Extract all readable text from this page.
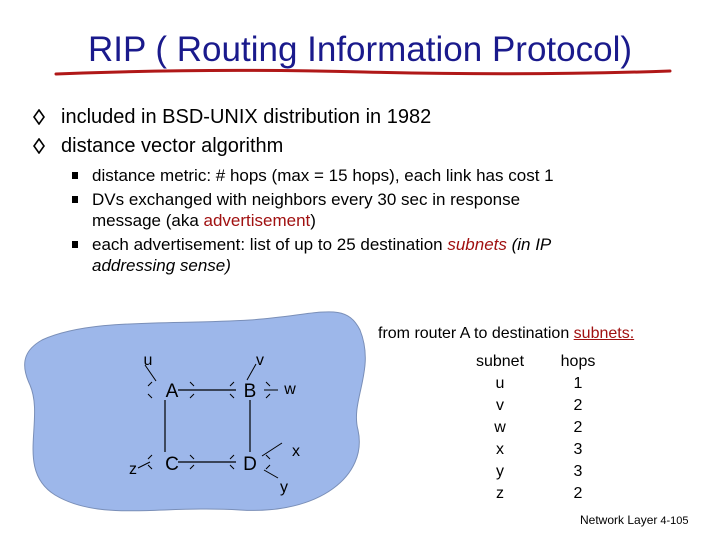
RIP ( Routing Information Protocol)
included in BSD-UNIX distribution in 1982
distance vector algorithm
distance metric: # hops (max = 15 hops), each link has cost 1
DVs exchanged with neighbors every 30 sec in response
message (aka advertisement)
each advertisement: list of up to 25 destination subnets (in IP
addressing sense)
A	B
C	D
u	v
w
x
y
z
from router A to destination subnets:
subnet	hops
u	1
v	2
w	2
x	3
y	3
z	2
Network Layer 4-105
